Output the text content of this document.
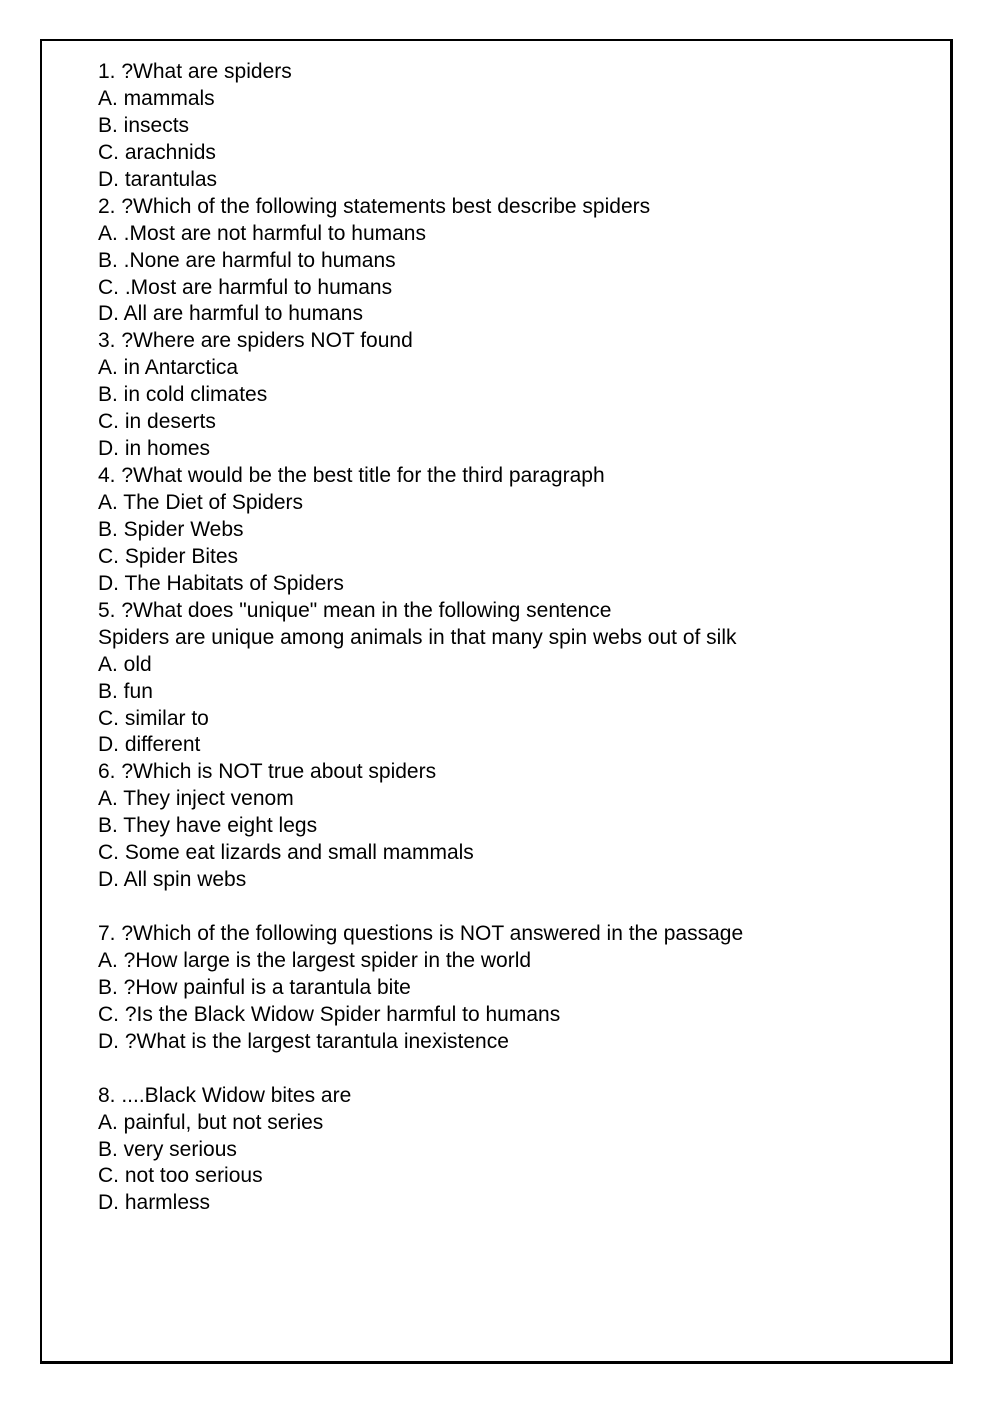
1. ?What are spiders
A. mammals
B. insects
C. arachnids
D. tarantulas
2. ?Which of the following statements best describe spiders
A. .Most are not harmful to humans
B. .None are harmful to humans
C. .Most are harmful to humans
D. All are harmful to humans
3. ?Where are spiders NOT found
A. in Antarctica
B. in cold climates
C. in deserts
D. in homes
4. ?What would be the best title for the third paragraph
A. The Diet of Spiders
B. Spider Webs
C. Spider Bites
D. The Habitats of Spiders
5. ?What does "unique" mean in the following sentence
Spiders are unique among animals in that many spin webs out of silk
A. old
B. fun
C. similar to
D. different
6. ?Which is NOT true about spiders
A. They inject venom
B. They have eight legs
C. Some eat lizards and small mammals
D. All spin webs
7. ?Which of the following questions is NOT answered in the passage
A. ?How large is the largest spider in the world
B. ?How painful is a tarantula bite
C. ?Is the Black Widow Spider harmful to humans
D. ?What is the largest tarantula inexistence
8. ....Black Widow bites are
A. painful, but not series
B. very serious
C. not too serious
D. harmless
